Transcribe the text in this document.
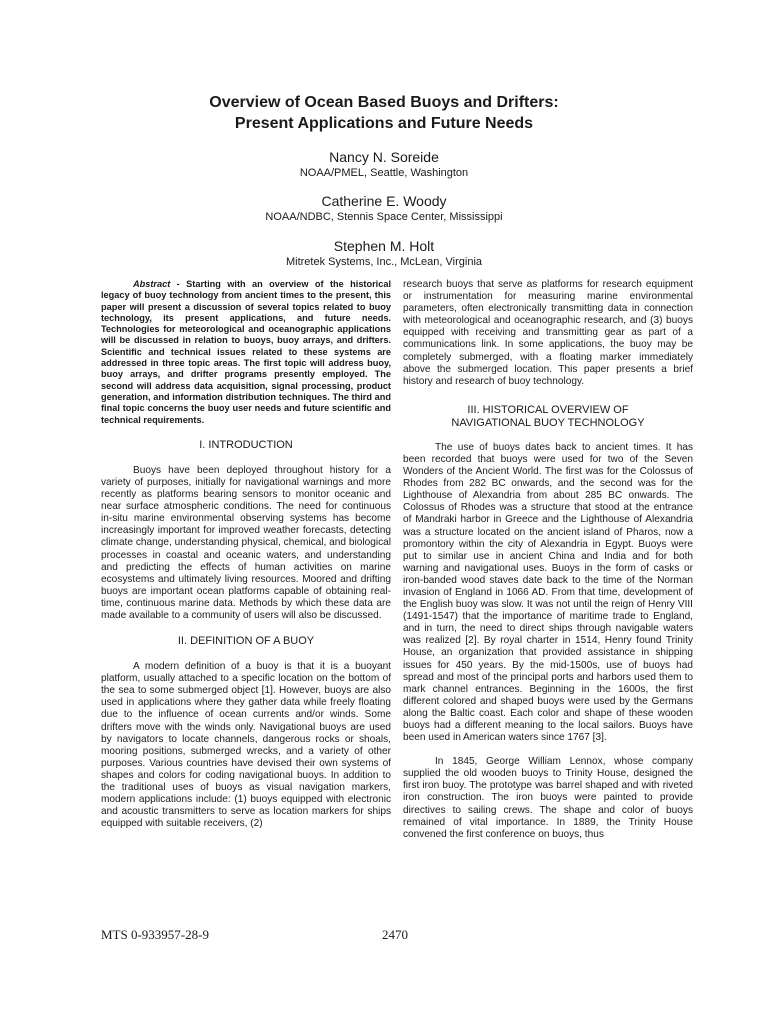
Overview of Ocean Based Buoys and Drifters:
Present Applications and Future Needs
Nancy N. Soreide
NOAA/PMEL, Seattle, Washington
Catherine E. Woody
NOAA/NDBC, Stennis Space Center, Mississippi
Stephen M. Holt
Mitretek Systems, Inc., McLean, Virginia

Abstract - Starting with an overview of the historical legacy of buoy technology from ancient times to the present, this paper will present a discussion of several topics related to buoy technology, its present applications, and future needs. Technologies for meteorological and oceanographic applications will be discussed in relation to buoys, buoy arrays, and drifters. Scientific and technical issues related to these systems are addressed in three topic areas. The first topic will address buoy, buoy arrays, and drifter programs presently employed. The second will address data acquisition, signal processing, product generation, and information distribution techniques. The third and final topic concerns the buoy user needs and future scientific and technical requirements.

I. INTRODUCTION

Buoys have been deployed throughout history for a variety of purposes, initially for navigational warnings and more recently as platforms bearing sensors to monitor oceanic and near surface atmospheric conditions. The need for continuous in-situ marine environmental observing systems has become increasingly important for improved weather forecasts, detecting climate change, understanding physical, chemical, and biological processes in coastal and oceanic waters, and understanding and predicting the effects of human activities on marine ecosystems and ultimately living resources. Moored and drifting buoys are important ocean platforms capable of obtaining real-time, continuous marine data. Methods by which these data are made available to a community of users will also be discussed.

II. DEFINITION OF A BUOY

A modern definition of a buoy is that it is a buoyant platform, usually attached to a specific location on the bottom of the sea to some submerged object [1]. However, buoys are also used in applications where they gather data while freely floating due to the influence of ocean currents and/or winds. Some drifters move with the winds only. Navigational buoys are used by navigators to locate channels, dangerous rocks or shoals, mooring positions, submerged wrecks, and a variety of other purposes. Various countries have devised their own systems of shapes and colors for coding navigational buoys. In addition to the traditional uses of buoys as visual navigation markers, modern applications include: (1) buoys equipped with electronic and acoustic transmitters to serve as location markers for ships equipped with suitable receivers, (2)

research buoys that serve as platforms for research equipment or instrumentation for measuring marine environmental parameters, often electronically transmitting data in connection with meteorological and oceanographic research, and (3) buoys equipped with receiving and transmitting gear as part of a communications link. In some applications, the buoy may be completely submerged, with a floating marker immediately above the submerged location. This paper presents a brief history and research of buoy technology.

III. HISTORICAL OVERVIEW OF
NAVIGATIONAL BUOY TECHNOLOGY

The use of buoys dates back to ancient times. It has been recorded that buoys were used for two of the Seven Wonders of the Ancient World. The first was for the Colossus of Rhodes from 282 BC onwards, and the second was for the Lighthouse of Alexandria from about 285 BC onwards. The Colossus of Rhodes was a structure that stood at the entrance of Mandraki harbor in Greece and the Lighthouse of Alexandria was a structure located on the ancient island of Pharos, now a promontory within the city of Alexandria in Egypt. Buoys were put to similar use in ancient China and India and for both warning and navigational uses. Buoys in the form of casks or iron-banded wood staves date back to the time of the Norman invasion of England in 1066 AD. From that time, development of the English buoy was slow. It was not until the reign of Henry VIII (1491-1547) that the importance of maritime trade to England, and in turn, the need to direct ships through navigable waters was realized [2]. By royal charter in 1514, Henry found Trinity House, an organization that provided assistance in shipping issues for 450 years. By the mid-1500s, use of buoys had spread and most of the principal ports and harbors used them to mark channel entrances. Beginning in the 1600s, the first different colored and shaped buoys were used by the Germans along the Baltic coast. Each color and shape of these wooden buoys had a different meaning to the local sailors. Buoys have been used in American waters since 1767 [3].

In 1845, George William Lennox, whose company supplied the old wooden buoys to Trinity House, designed the first iron buoy. The prototype was barrel shaped and with riveted iron construction. The iron buoys were painted to provide directives to sailing crews. The shape and color of buoys remained of vital importance. In 1889, the Trinity House convened the first conference on buoys, thus

MTS 0-933957-28-9	2470
